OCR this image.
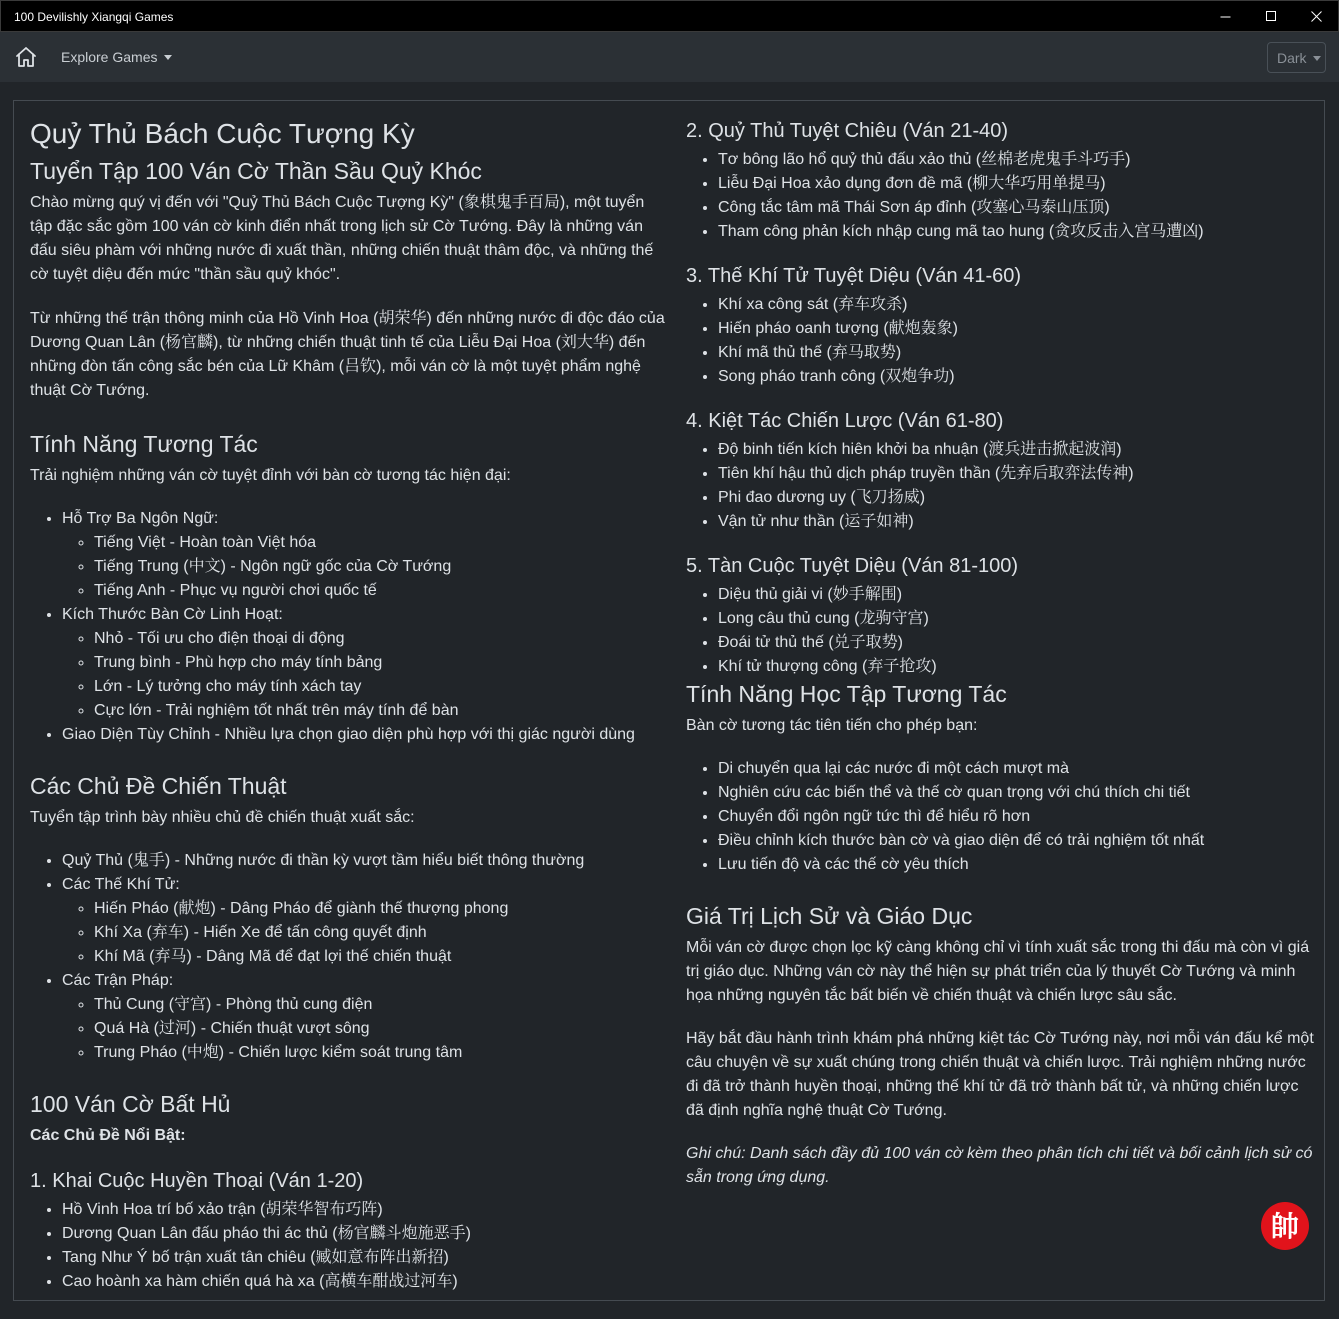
100 Devilishly Xiangqi Games
Explore Games	Dark
Quỷ Thủ Bách Cuộc Tượng Kỳ
Tuyển Tập 100 Ván Cờ Thần Sầu Quỷ Khóc

Chào mừng quý vị đến với "Quỷ Thủ Bách Cuộc Tượng Kỳ" (象棋鬼手百局), một tuyển tập đặc sắc gồm 100 ván cờ kinh điển nhất trong lịch sử Cờ Tướng. Đây là những ván đấu siêu phàm với những nước đi xuất thần, những chiến thuật thâm độc, và những thế cờ tuyệt diệu đến mức "thần sầu quỷ khóc".

Từ những thế trận thông minh của Hồ Vinh Hoa (胡荣华) đến những nước đi độc đáo của Dương Quan Lân (杨官麟), từ những chiến thuật tinh tế của Liễu Đại Hoa (刘大华) đến những đòn tấn công sắc bén của Lữ Khâm (吕钦), mỗi ván cờ là một tuyệt phẩm nghệ thuật Cờ Tướng.

Tính Năng Tương Tác

Trải nghiệm những ván cờ tuyệt đỉnh với bàn cờ tương tác hiện đại:

• Hỗ Trợ Ba Ngôn Ngữ:
◦ Tiếng Việt - Hoàn toàn Việt hóa
◦ Tiếng Trung (中文) - Ngôn ngữ gốc của Cờ Tướng
◦ Tiếng Anh - Phục vụ người chơi quốc tế
• Kích Thước Bàn Cờ Linh Hoạt:
◦ Nhỏ - Tối ưu cho điện thoại di động
◦ Trung bình - Phù hợp cho máy tính bảng
◦ Lớn - Lý tưởng cho máy tính xách tay
◦ Cực lớn - Trải nghiệm tốt nhất trên máy tính để bàn
• Giao Diện Tùy Chỉnh - Nhiều lựa chọn giao diện phù hợp với thị giác người dùng
Các Chủ Đề Chiến Thuật

Tuyển tập trình bày nhiều chủ đề chiến thuật xuất sắc:

• Quỷ Thủ (鬼手) - Những nước đi thần kỳ vượt tầm hiểu biết thông thường
• Các Thế Khí Tử:
◦ Hiến Pháo (献炮) - Dâng Pháo để giành thế thượng phong
◦ Khí Xa (弃车) - Hiến Xe để tấn công quyết định
◦ Khí Mã (弃马) - Dâng Mã để đạt lợi thế chiến thuật
• Các Trận Pháp:
◦ Thủ Cung (守宫) - Phòng thủ cung điện
◦ Quá Hà (过河) - Chiến thuật vượt sông
◦ Trung Pháo (中炮) - Chiến lược kiểm soát trung tâm
100 Ván Cờ Bất Hủ

Các Chủ Đề Nổi Bật:

1. Khai Cuộc Huyền Thoại (Ván 1-20)
• Hồ Vinh Hoa trí bố xảo trận (胡荣华智布巧阵)
• Dương Quan Lân đấu pháo thi ác thủ (杨官麟斗炮施恶手)
• Tang Như Ý bố trận xuất tân chiêu (臧如意布阵出新招)
• Cao hoành xa hàm chiến quá hà xa (高横车酣战过河车)
2. Quỷ Thủ Tuyệt Chiêu (Ván 21-40)
• Tơ bông lão hổ quỷ thủ đấu xảo thủ (丝棉老虎鬼手斗巧手)
• Liễu Đại Hoa xảo dụng đơn đề mã (柳大华巧用单提马)
• Công tắc tâm mã Thái Sơn áp đỉnh (攻塞心马泰山压顶)
• Tham công phản kích nhập cung mã tao hung (贪攻反击入宫马遭凶)
3. Thế Khí Tử Tuyệt Diệu (Ván 41-60)
• Khí xa công sát (弃车攻杀)
• Hiến pháo oanh tượng (献炮轰象)
• Khí mã thủ thế (弃马取势)
• Song pháo tranh công (双炮争功)
4. Kiệt Tác Chiến Lược (Ván 61-80)
• Độ binh tiến kích hiên khởi ba nhuận (渡兵进击掀起波润)
• Tiên khí hậu thủ dịch pháp truyền thần (先弃后取弈法传神)
• Phi đao dương uy (飞刀扬威)
• Vận tử như thần (运子如神)
5. Tàn Cuộc Tuyệt Diệu (Ván 81-100)
• Diệu thủ giải vi (妙手解围)
• Long câu thủ cung (龙驹守宫)
• Đoái tử thủ thế (兑子取势)
• Khí tử thượng công (弃子抢攻)
Tính Năng Học Tập Tương Tác

Bàn cờ tương tác tiên tiến cho phép bạn:

• Di chuyển qua lại các nước đi một cách mượt mà
• Nghiên cứu các biến thể và thế cờ quan trọng với chú thích chi tiết
• Chuyển đổi ngôn ngữ tức thì để hiểu rõ hơn
• Điều chỉnh kích thước bàn cờ và giao diện để có trải nghiệm tốt nhất
• Lưu tiến độ và các thế cờ yêu thích
Giá Trị Lịch Sử và Giáo Dục

Mỗi ván cờ được chọn lọc kỹ càng không chỉ vì tính xuất sắc trong thi đấu mà còn vì giá trị giáo dục. Những ván cờ này thể hiện sự phát triển của lý thuyết Cờ Tướng và minh họa những nguyên tắc bất biến về chiến thuật và chiến lược sâu sắc.

Hãy bắt đầu hành trình khám phá những kiệt tác Cờ Tướng này, nơi mỗi ván đấu kể một câu chuyện về sự xuất chúng trong chiến thuật và chiến lược. Trải nghiệm những nước đi đã trở thành huyền thoại, những thế khí tử đã trở thành bất tử, và những chiến lược đã định nghĩa nghệ thuật Cờ Tướng.

Ghi chú: Danh sách đầy đủ 100 ván cờ kèm theo phân tích chi tiết và bối cảnh lịch sử có sẵn trong ứng dụng.

帥
